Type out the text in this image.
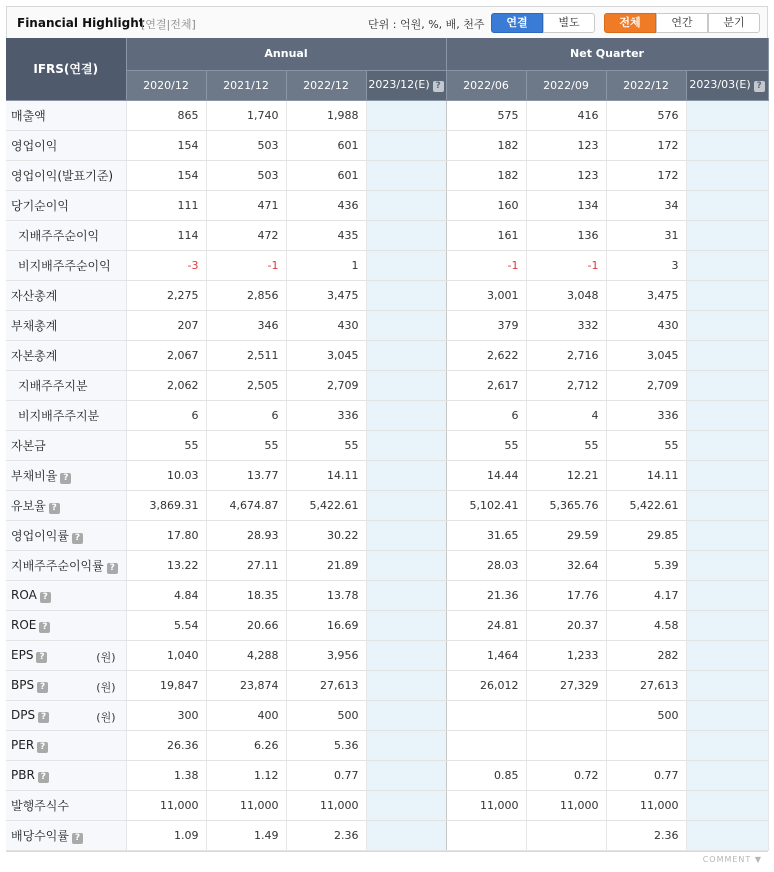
Financial Highlight
[연결|전체]	단위 : 억원, %, 배, 천주	연결	별도	전체	연간	분기
IFRS(연결)	Annual				Net Quarter			
	2020/12	2021/12	2022/12	2023/12(E) ?	2022/06	2022/09	2022/12	2023/03(E) ?
매출액	865	1,740	1,988		575	416	576	
영업이익	154	503	601		182	123	172	
영업이익(발표기준)	154	503	601		182	123	172	
당기순이익	111	471	436		160	134	34	
지배주주순이익	114	472	435		161	136	31	
비지배주주순이익	-3	-1	1		-1	-1	3	
자산총계	2,275	2,856	3,475		3,001	3,048	3,475	
부채총계	207	346	430		379	332	430	
자본총계	2,067	2,511	3,045		2,622	2,716	3,045	
지배주주지분	2,062	2,505	2,709		2,617	2,712	2,709	
비지배주주지분	6	6	336		6	4	336	
자본금	55	55	55		55	55	55	
부채비율 ?	10.03	13.77	14.11		14.44	12.21	14.11	
유보율 ?	3,869.31	4,674.87	5,422.61		5,102.41	5,365.76	5,422.61	
영업이익률 ?	17.80	28.93	30.22		31.65	29.59	29.85	
지배주주순이익률 ?	13.22	27.11	21.89		28.03	32.64	5.39	
ROA ?	4.84	18.35	13.78		21.36	17.76	4.17	
ROE ?	5.54	20.66	16.69		24.81	20.37	4.58	
EPS ? (원)	1,040	4,288	3,956		1,464	1,233	282	
BPS ? (원)	19,847	23,874	27,613		26,012	27,329	27,613	
DPS ? (원)	300	400	500				500	
PER ?	26.36	6.26	5.36					
PBR ?	1.38	1.12	0.77		0.85	0.72	0.77	
발행주식수	11,000	11,000	11,000		11,000	11,000	11,000	
배당수익률 ?	1.09	1.49	2.36				2.36	
COMMENT ▼
